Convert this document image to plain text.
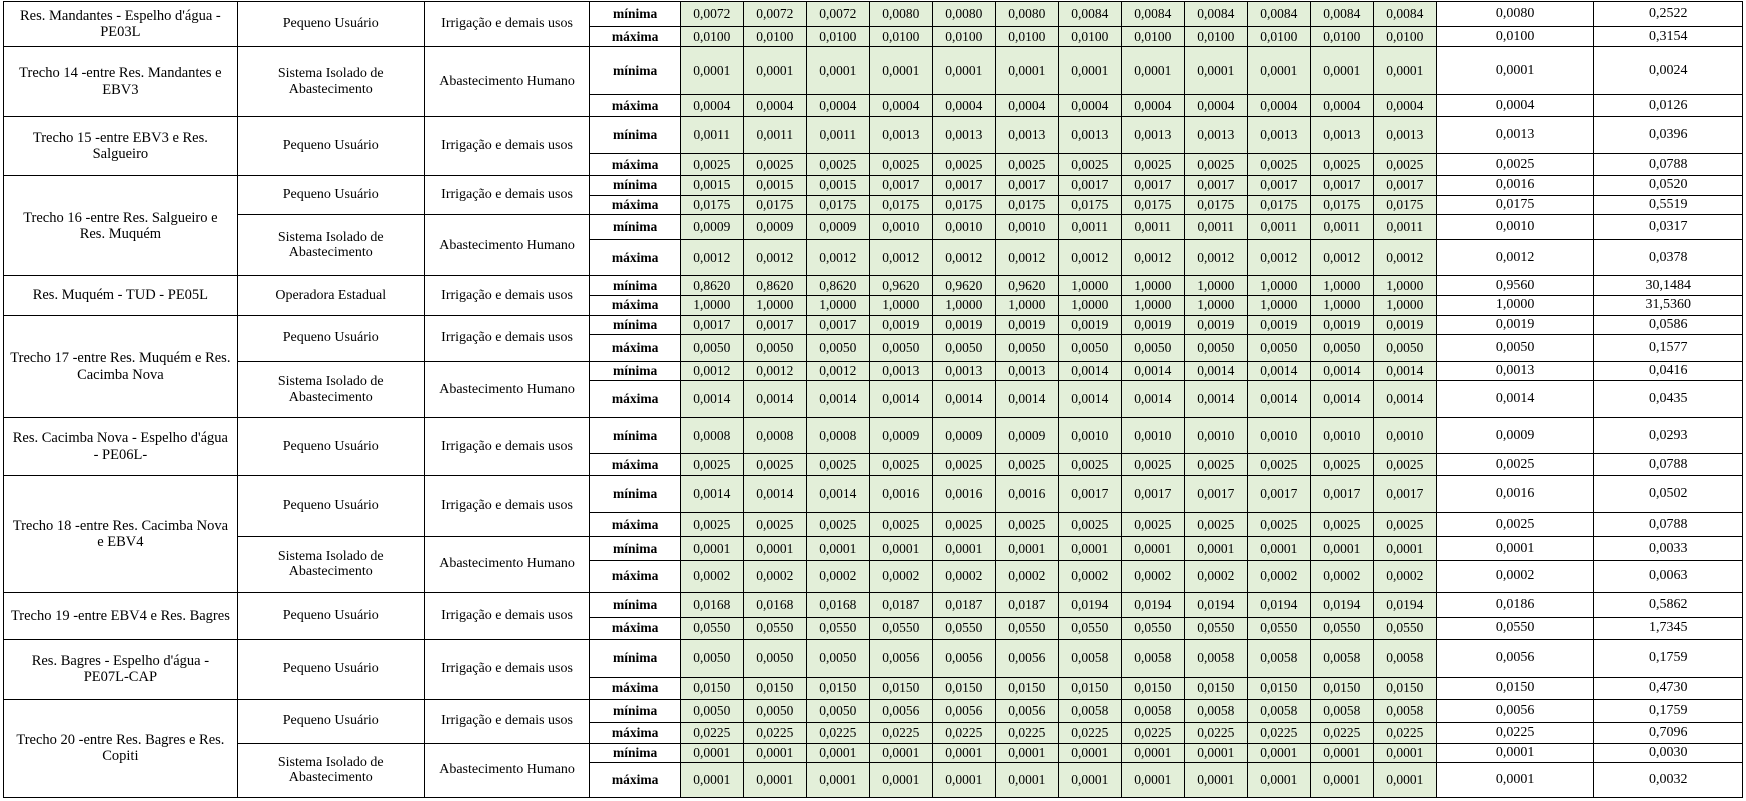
Res. Mandantes - Espelho d'água - PE03L	Pequeno Usuário	Irrigação e demais usos	mínima	0,0072	0,0072	0,0072	0,0080	0,0080	0,0080	0,0084	0,0084	0,0084	0,0084	0,0084	0,0084	0,0080	0,2522
			máxima	0,0100	0,0100	0,0100	0,0100	0,0100	0,0100	0,0100	0,0100	0,0100	0,0100	0,0100	0,0100	0,0100	0,3154
Trecho 14 -entre Res. Mandantes e EBV3	Sistema Isolado de Abastecimento	Abastecimento Humano	mínima	0,0001	0,0001	0,0001	0,0001	0,0001	0,0001	0,0001	0,0001	0,0001	0,0001	0,0001	0,0001	0,0001	0,0024
			máxima	0,0004	0,0004	0,0004	0,0004	0,0004	0,0004	0,0004	0,0004	0,0004	0,0004	0,0004	0,0004	0,0004	0,0126
Trecho 15 -entre EBV3 e Res. Salgueiro	Pequeno Usuário	Irrigação e demais usos	mínima	0,0011	0,0011	0,0011	0,0013	0,0013	0,0013	0,0013	0,0013	0,0013	0,0013	0,0013	0,0013	0,0013	0,0396
			máxima	0,0025	0,0025	0,0025	0,0025	0,0025	0,0025	0,0025	0,0025	0,0025	0,0025	0,0025	0,0025	0,0025	0,0788
Trecho 16 -entre Res. Salgueiro e Res. Muquém	Pequeno Usuário	Irrigação e demais usos	mínima	0,0015	0,0015	0,0015	0,0017	0,0017	0,0017	0,0017	0,0017	0,0017	0,0017	0,0017	0,0017	0,0016	0,0520
			máxima	0,0175	0,0175	0,0175	0,0175	0,0175	0,0175	0,0175	0,0175	0,0175	0,0175	0,0175	0,0175	0,0175	0,5519
	Sistema Isolado de Abastecimento	Abastecimento Humano	mínima	0,0009	0,0009	0,0009	0,0010	0,0010	0,0010	0,0011	0,0011	0,0011	0,0011	0,0011	0,0011	0,0010	0,0317
			máxima	0,0012	0,0012	0,0012	0,0012	0,0012	0,0012	0,0012	0,0012	0,0012	0,0012	0,0012	0,0012	0,0012	0,0378
Res. Muquém - TUD - PE05L	Operadora Estadual	Irrigação e demais usos	mínima	0,8620	0,8620	0,8620	0,9620	0,9620	0,9620	1,0000	1,0000	1,0000	1,0000	1,0000	1,0000	0,9560	30,1484
			máxima	1,0000	1,0000	1,0000	1,0000	1,0000	1,0000	1,0000	1,0000	1,0000	1,0000	1,0000	1,0000	1,0000	31,5360
Trecho 17 -entre Res. Muquém e Res. Cacimba Nova	Pequeno Usuário	Irrigação e demais usos	mínima	0,0017	0,0017	0,0017	0,0019	0,0019	0,0019	0,0019	0,0019	0,0019	0,0019	0,0019	0,0019	0,0019	0,0586
			máxima	0,0050	0,0050	0,0050	0,0050	0,0050	0,0050	0,0050	0,0050	0,0050	0,0050	0,0050	0,0050	0,0050	0,1577
	Sistema Isolado de Abastecimento	Abastecimento Humano	mínima	0,0012	0,0012	0,0012	0,0013	0,0013	0,0013	0,0014	0,0014	0,0014	0,0014	0,0014	0,0014	0,0013	0,0416
			máxima	0,0014	0,0014	0,0014	0,0014	0,0014	0,0014	0,0014	0,0014	0,0014	0,0014	0,0014	0,0014	0,0014	0,0435
Res. Cacimba Nova - Espelho d'água - PE06L-	Pequeno Usuário	Irrigação e demais usos	mínima	0,0008	0,0008	0,0008	0,0009	0,0009	0,0009	0,0010	0,0010	0,0010	0,0010	0,0010	0,0010	0,0009	0,0293
			máxima	0,0025	0,0025	0,0025	0,0025	0,0025	0,0025	0,0025	0,0025	0,0025	0,0025	0,0025	0,0025	0,0025	0,0788
Trecho 18 -entre Res. Cacimba Nova e EBV4	Pequeno Usuário	Irrigação e demais usos	mínima	0,0014	0,0014	0,0014	0,0016	0,0016	0,0016	0,0017	0,0017	0,0017	0,0017	0,0017	0,0017	0,0016	0,0502
			máxima	0,0025	0,0025	0,0025	0,0025	0,0025	0,0025	0,0025	0,0025	0,0025	0,0025	0,0025	0,0025	0,0025	0,0788
	Sistema Isolado de Abastecimento	Abastecimento Humano	mínima	0,0001	0,0001	0,0001	0,0001	0,0001	0,0001	0,0001	0,0001	0,0001	0,0001	0,0001	0,0001	0,0001	0,0033
			máxima	0,0002	0,0002	0,0002	0,0002	0,0002	0,0002	0,0002	0,0002	0,0002	0,0002	0,0002	0,0002	0,0002	0,0063
Trecho 19 -entre EBV4 e Res. Bagres	Pequeno Usuário	Irrigação e demais usos	mínima	0,0168	0,0168	0,0168	0,0187	0,0187	0,0187	0,0194	0,0194	0,0194	0,0194	0,0194	0,0194	0,0186	0,5862
			máxima	0,0550	0,0550	0,0550	0,0550	0,0550	0,0550	0,0550	0,0550	0,0550	0,0550	0,0550	0,0550	0,0550	1,7345
Res. Bagres - Espelho d'água - PE07L-CAP	Pequeno Usuário	Irrigação e demais usos	mínima	0,0050	0,0050	0,0050	0,0056	0,0056	0,0056	0,0058	0,0058	0,0058	0,0058	0,0058	0,0058	0,0056	0,1759
			máxima	0,0150	0,0150	0,0150	0,0150	0,0150	0,0150	0,0150	0,0150	0,0150	0,0150	0,0150	0,0150	0,0150	0,4730
Trecho 20 -entre Res. Bagres e Res. Copiti	Pequeno Usuário	Irrigação e demais usos	mínima	0,0050	0,0050	0,0050	0,0056	0,0056	0,0056	0,0058	0,0058	0,0058	0,0058	0,0058	0,0058	0,0056	0,1759
			máxima	0,0225	0,0225	0,0225	0,0225	0,0225	0,0225	0,0225	0,0225	0,0225	0,0225	0,0225	0,0225	0,0225	0,7096
	Sistema Isolado de Abastecimento	Abastecimento Humano	mínima	0,0001	0,0001	0,0001	0,0001	0,0001	0,0001	0,0001	0,0001	0,0001	0,0001	0,0001	0,0001	0,0001	0,0030
			máxima	0,0001	0,0001	0,0001	0,0001	0,0001	0,0001	0,0001	0,0001	0,0001	0,0001	0,0001	0,0001	0,0001	0,0032
